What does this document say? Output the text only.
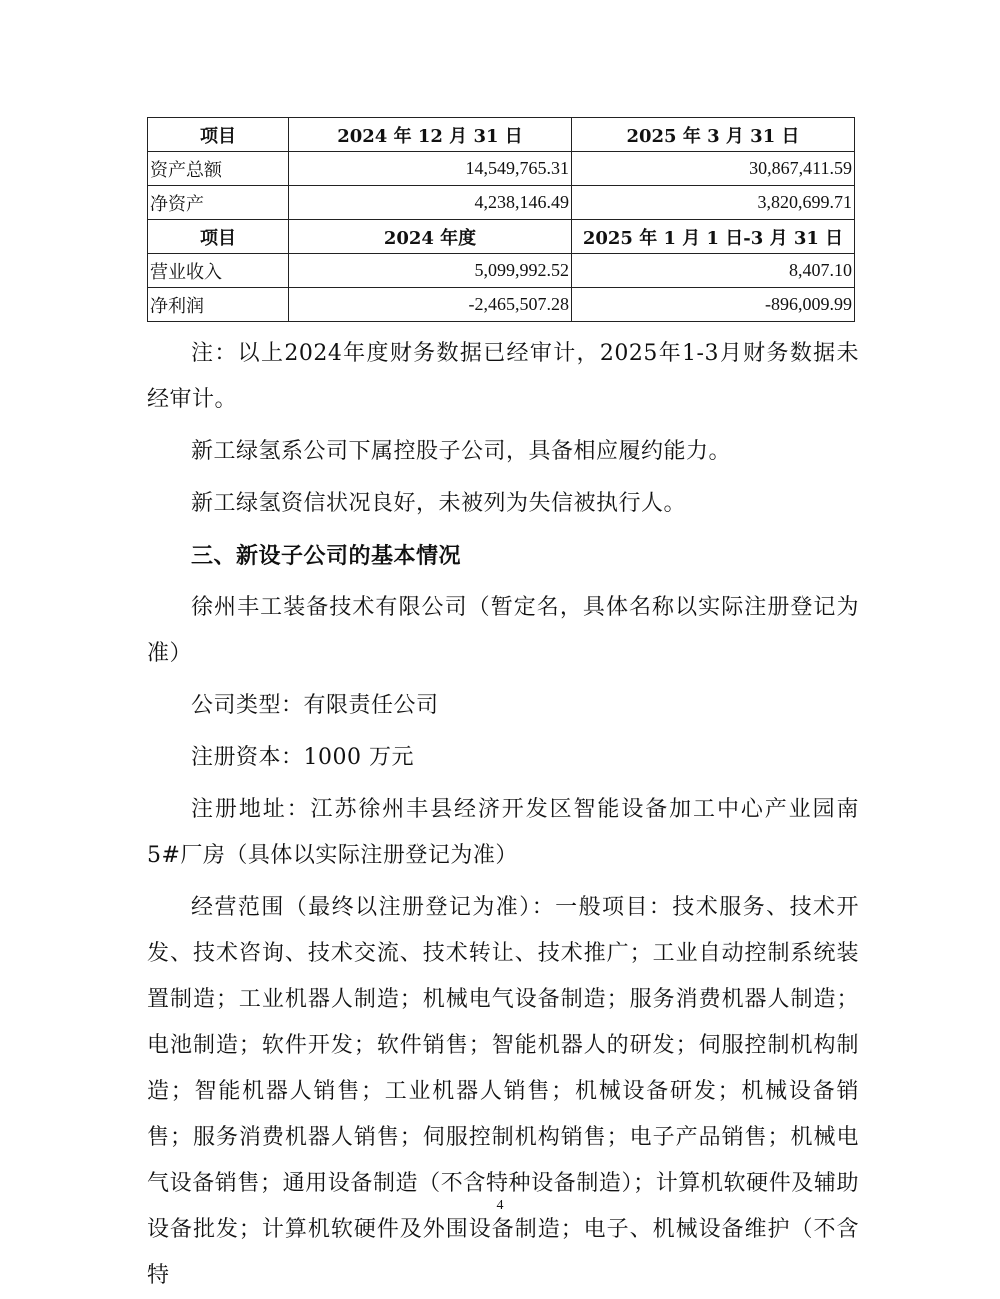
项目	2024 年 12 月 31 日	2025 年 3 月 31 日
资产总额	14,549,765.31	30,867,411.59
净资产	4,238,146.49	3,820,699.71
项目	2024 年度	2025 年 1 月 1 日-3 月 31 日
营业收入	5,099,992.52	8,407.10
净利润	-2,465,507.28	-896,009.99

注：以上2024年度财务数据已经审计，2025年1-3月财务数据未经审计。

新工绿氢系公司下属控股子公司，具备相应履约能力。

新工绿氢资信状况良好，未被列为失信被执行人。

三、新设子公司的基本情况

徐州丰工装备技术有限公司（暂定名，具体名称以实际注册登记为准）

公司类型：有限责任公司

注册资本：1000 万元

注册地址：江苏徐州丰县经济开发区智能设备加工中心产业园南 5#厂房（具体以实际注册登记为准）

经营范围（最终以注册登记为准）：一般项目：技术服务、技术开发、技术咨询、技术交流、技术转让、技术推广；工业自动控制系统装置制造；工业机器人制造；机械电气设备制造；服务消费机器人制造；电池制造；软件开发；软件销售；智能机器人的研发；伺服控制机构制造；智能机器人销售；工业机器人销售；机械设备研发；机械设备销售；服务消费机器人销售；伺服控制机构销售；电子产品销售；机械电气设备销售；通用设备制造（不含特种设备制造）；计算机软硬件及辅助设备批发；计算机软硬件及外围设备制造；电子、机械设备维护（不含特

4
